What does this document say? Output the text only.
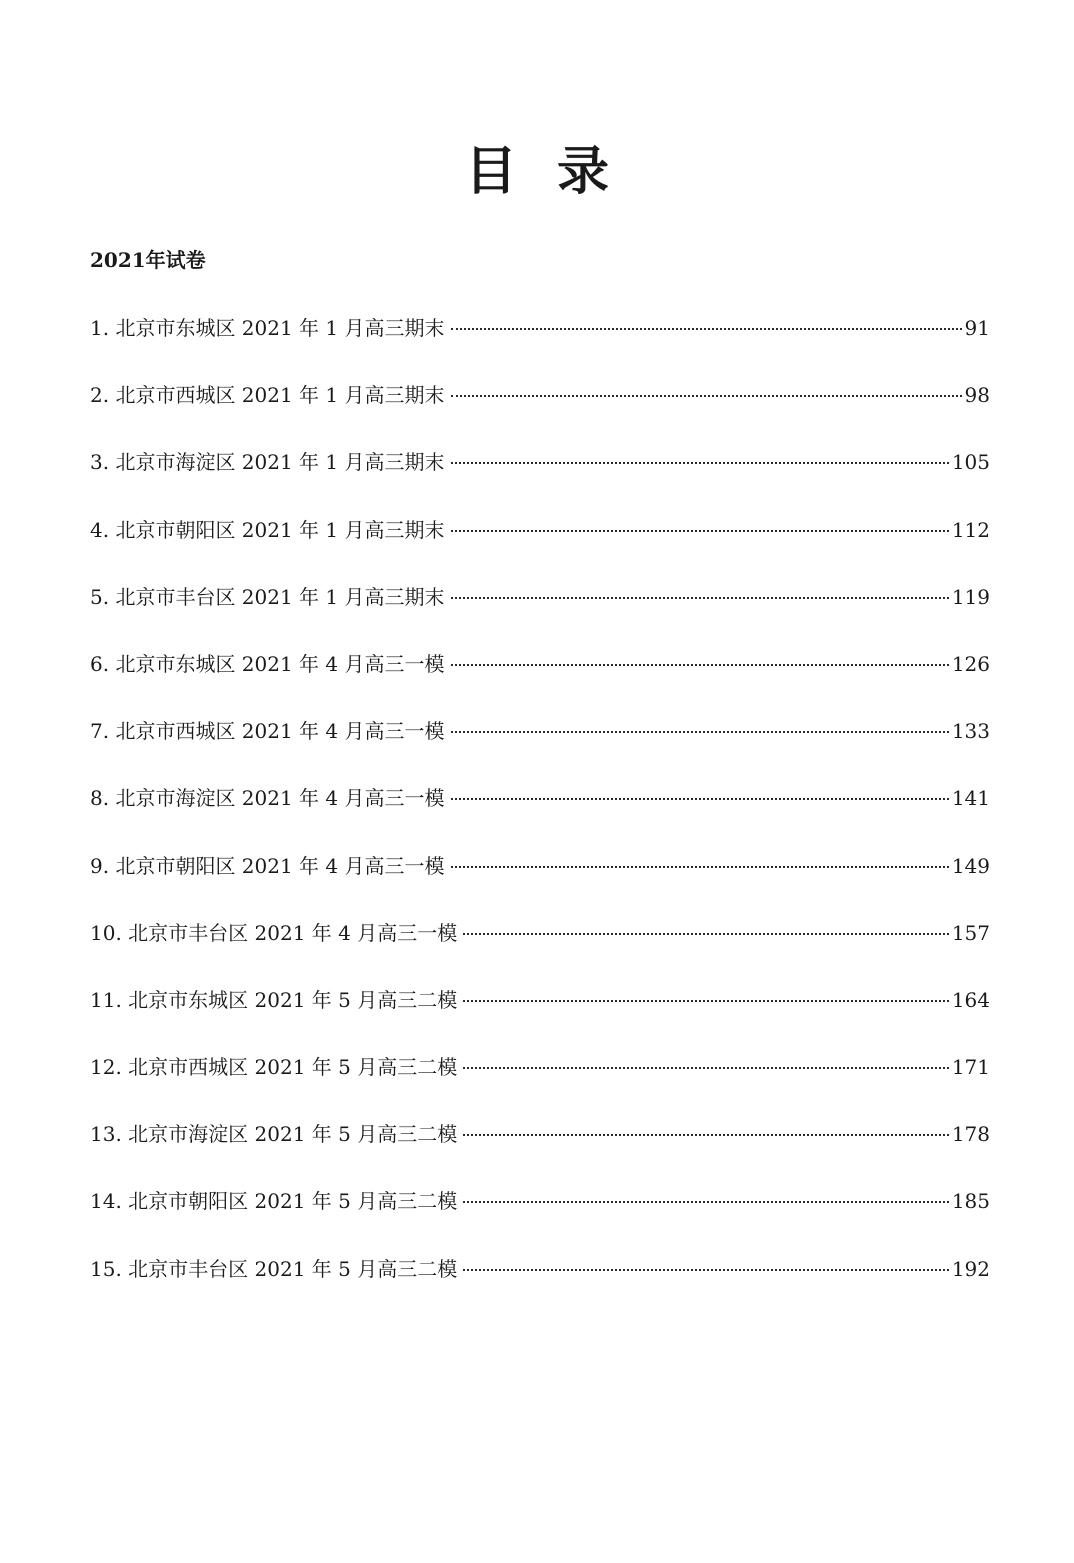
目录
2021年试卷
1. 北京市东城区 2021 年 1 月高三期末	91
2. 北京市西城区 2021 年 1 月高三期末	98
3. 北京市海淀区 2021 年 1 月高三期末	105
4. 北京市朝阳区 2021 年 1 月高三期末	112
5. 北京市丰台区 2021 年 1 月高三期末	119
6. 北京市东城区 2021 年 4 月高三一模	126
7. 北京市西城区 2021 年 4 月高三一模	133
8. 北京市海淀区 2021 年 4 月高三一模	141
9. 北京市朝阳区 2021 年 4 月高三一模	149
10. 北京市丰台区 2021 年 4 月高三一模	157
11. 北京市东城区 2021 年 5 月高三二模	164
12. 北京市西城区 2021 年 5 月高三二模	171
13. 北京市海淀区 2021 年 5 月高三二模	178
14. 北京市朝阳区 2021 年 5 月高三二模	185
15. 北京市丰台区 2021 年 5 月高三二模	192
